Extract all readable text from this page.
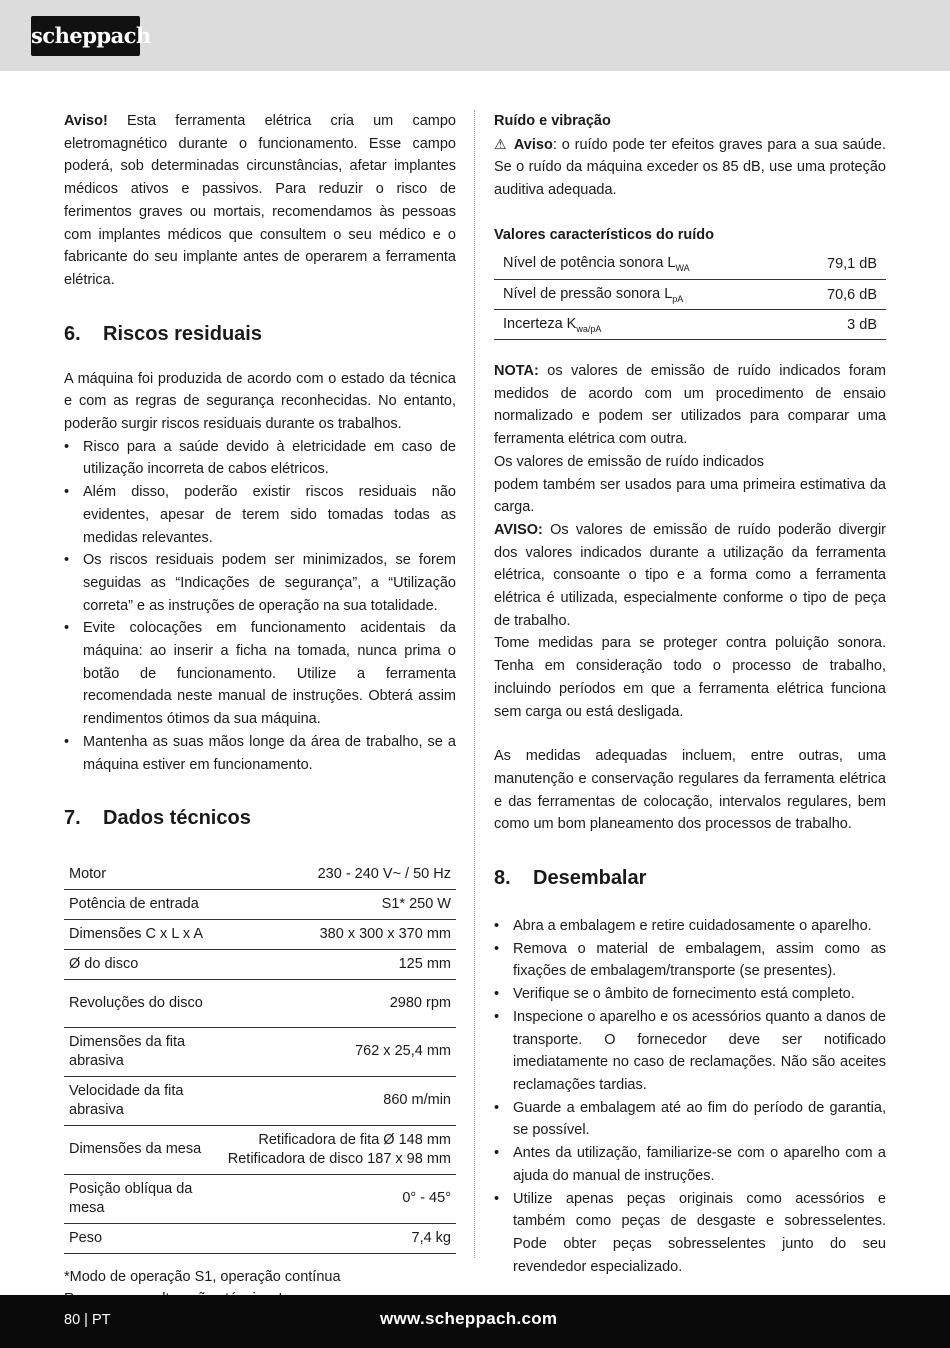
scheppach

Aviso! Esta ferramenta elétrica cria um campo eletromagnético durante o funcionamento. Esse campo poderá, sob determinadas circunstâncias, afetar implantes médicos ativos e passivos. Para reduzir o risco de ferimentos graves ou mortais, recomendamos às pessoas com implantes médicos que consultem o seu médico e o fabricante do seu implante antes de operarem a ferramenta elétrica.

6.	Riscos residuais

A máquina foi produzida de acordo com o estado da técnica e com as regras de segurança reconhecidas. No entanto, poderão surgir riscos residuais durante os trabalhos.

• Risco para a saúde devido à eletricidade em caso de utilização incorreta de cabos elétricos.
• Além disso, poderão existir riscos residuais não evidentes, apesar de terem sido tomadas todas as medidas relevantes.
• Os riscos residuais podem ser minimizados, se forem seguidas as “Indicações de segurança”, a “Utilização correta” e as instruções de operação na sua totalidade.
• Evite colocações em funcionamento acidentais da máquina: ao inserir a ficha na tomada, nunca prima o botão de funcionamento. Utilize a ferramenta recomendada neste manual de instruções. Obterá assim rendimentos ótimos da sua máquina.
• Mantenha as suas mãos longe da área de trabalho, se a máquina estiver em funcionamento.
7.	Dados técnicos
Motor	230 - 240 V~ / 50 Hz
Potência de entrada	S1* 250 W
Dimensões C x L x A	380 x 300 x 370 mm
Ø do disco	125 mm
Revoluções do disco	2980 rpm
Dimensões da fita abrasiva	762 x 25,4 mm
Velocidade da fita abrasiva	860 m/min
Dimensões da mesa	Retificadora de fita Ø 148 mm
Retificadora de disco 187 x 98 mm

Posição oblíqua da mesa	0° - 45°
Peso	7,4 kg

*Modo de operação S1, operação contínua

Ruído e vibração

⚠ Aviso: o ruído pode ter efeitos graves para a sua saúde. Se o ruído da máquina exceder os 85 dB, use uma proteção auditiva adequada.

Valores característicos do ruído

Nível de potência sonora $L_{WA}$	79,1 dB
Nível de pressão sonora $L_{pA}$	70,6 dB
Incerteza $K_{wa/pA}$	3 dB

NOTA: os valores de emissão de ruído indicados foram medidos de acordo com um procedimento de ensaio normalizado e podem ser utilizados para comparar uma ferramenta elétrica com outra.

Os valores de emissão de ruído indicados

podem também ser usados para uma primeira estimativa da carga.

AVISO: Os valores de emissão de ruído poderão divergir dos valores indicados durante a utilização da ferramenta elétrica, consoante o tipo e a forma como a ferramenta elétrica é utilizada, especialmente conforme o tipo de peça de trabalho.

Tome medidas para se proteger contra poluição sonora. Tenha em consideração todo o processo de trabalho, incluindo períodos em que a ferramenta elétrica funciona sem carga ou está desligada.

As medidas adequadas incluem, entre outras, uma manutenção e conservação regulares da ferramenta elétrica e das ferramentas de colocação, intervalos regulares, bem como um bom planeamento dos processos de trabalho.

8.	Desembalar
• Abra a embalagem e retire cuidadosamente o aparelho.
• Remova o material de embalagem, assim como as fixações de embalagem/transporte (se presentes).
• Verifique se o âmbito de fornecimento está completo.
• Inspecione o aparelho e os acessórios quanto a danos de transporte. O fornecedor deve ser notificado imediatamente no caso de reclamações. Não são aceites reclamações tardias.
• Guarde a embalagem até ao fim do período de garantia, se possível.
• Antes da utilização, familiarize-se com o aparelho com a ajuda do manual de instruções.
• Utilize apenas peças originais como acessórios e também como peças de desgaste e sobresselentes. Pode obter peças sobresselentes junto do seu revendedor especializado.
80 | PT	www.scheppach.com
